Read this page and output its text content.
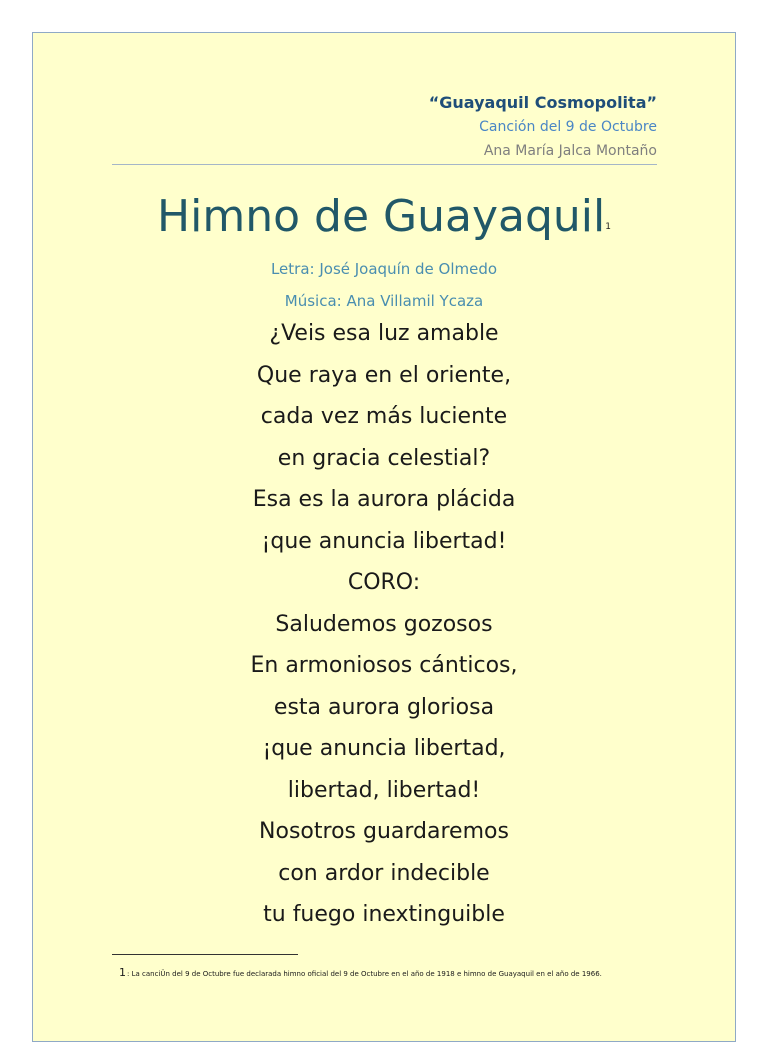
“Guayaquil Cosmopolita”
Canción del 9 de Octubre
Ana María Jalca Montaño
Himno de Guayaquil1
Letra: José Joaquín de Olmedo
Música: Ana Villamil Ycaza
¿Veis esa luz amable
Que raya en el oriente,
cada vez más luciente
en gracia celestial?
Esa es la aurora plácida
¡que anuncia libertad!
CORO:
Saludemos gozosos
En armoniosos cánticos,
esta aurora gloriosa
¡que anuncia libertad,
libertad, libertad!
Nosotros guardaremos
con ardor indecible
tu fuego inextinguible
1: La canciÜn del 9 de Octubre fue declarada himno oficial del 9 de Octubre en el año de 1918 e himno de Guayaquil en el año de 1966.
